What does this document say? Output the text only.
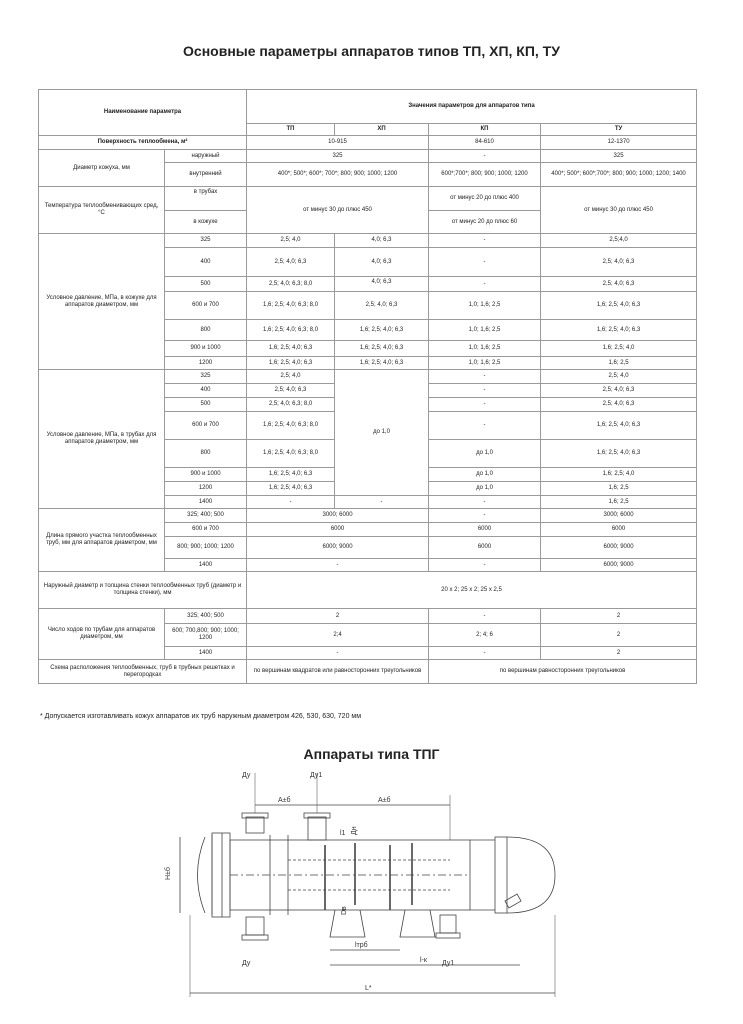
Основные параметры аппаратов типов ТП, ХП, КП, ТУ
Наименование параметра		Значения параметров для аппаратов типа			
		ТП	ХП	КП	ТУ
Поверхность теплообмена, м²		10-915		84-610	12-1370
Диаметр кожуха, мм	наружный	325		-	325
	внутренний	400*; 500*; 600*; 700*; 800; 900; 1000; 1200		600*;700*; 800; 900; 1000; 1200	400*; 500*; 600*;700*; 800; 900; 1000; 1200; 1400
Температура теплообменивающих сред, °С	в трубах	от минус 30 до плюс 450		от минус 20 до плюс 400	от минус 30 до плюс 450
	в кожухе			от минус 20 до плюс 60	
Условное давление, МПа, в кожухе для аппаратов диаметром, мм	325	2,5; 4,0	4,0; 6,3	-	2,5;4,0
	400	2,5; 4,0; 6,3	4,0; 6,3	-	2,5; 4,0; 6,3
	500	2,5; 4,0; 6,3; 8,0	4,0; 6,3	-	2,5; 4,0; 6,3
	600 и 700	1,6; 2,5; 4,0; 6,3; 8,0	2,5; 4,0; 6,3	1,0; 1,6; 2,5	1,6; 2,5; 4,0; 6,3
	800	1,6; 2,5; 4,0; 6,3; 8,0	1,6; 2,5; 4,0; 6,3	1,0; 1,6; 2,5	1,6; 2,5; 4,0; 6,3
	900 и 1000	1,6; 2,5; 4,0; 6,3	1,6; 2,5; 4,0; 6,3	1,0; 1,6; 2,5	1,6; 2,5; 4,0
	1200	1,6; 2,5; 4,0; 6,3	1,6; 2,5; 4,0; 6,3	1,0; 1,6; 2,5	1,6; 2,5
Условное давление, МПа, в трубах для аппаратов диаметром, мм	325	2,5; 4,0	до 1,0	-	2,5; 4,0
	400	2,5; 4,0; 6,3		-	2,5; 4,0; 6,3
	500	2,5; 4,0; 6,3; 8,0		-	2,5; 4,0; 6,3
	600 и 700	1,6; 2,5; 4,0; 6,3; 8,0		-	1,6; 2,5; 4,0; 6,3
	800	1,6; 2,5; 4,0; 6,3; 8,0		до 1,0	1,6; 2,5; 4,0; 6,3
	900 и 1000	1,6; 2,5; 4,0; 6,3		до 1,0	1,6; 2,5; 4,0
	1200	1,6; 2,5; 4,0; 6,3		до 1,0	1,6; 2,5
	1400	-	-	-	1,6; 2,5
Длина прямого участка теплообменных труб, мм для аппаратов диаметром, мм	325; 400; 500	3000; 6000		-	3000; 6000
	600 и 700	6000		6000	6000
	800; 900; 1000; 1200	6000; 9000		6000	6000; 9000
	1400	-		-	6000; 9000
Наружный диаметр и толщина стенки теплообменных труб (диаметр и толщина стенки), мм		20 х 2; 25 х 2; 25 х 2,5			
Число ходов по трубам для аппаратов диаметром, мм	325; 400; 500	2		-	2
	600; 700,800; 900; 1000; 1200	2;4		2; 4; 6	2
	1400	-		-	2
Схема расположения теплообменных, труб в трубных решетках и перегородках		по вершинам квадратов или равносторонних треугольников		по вершинам равносторонних треугольников	
* Допускается изготавливать кожух аппаратов их труб наружным диаметром 426, 530, 630, 720 мм
Аппараты типа ТПГ
Ду	Ду1
А±б	А±б
Н±б
l1 Дн
Dв
Ду	Ду1
lтрб
l-к
L*
